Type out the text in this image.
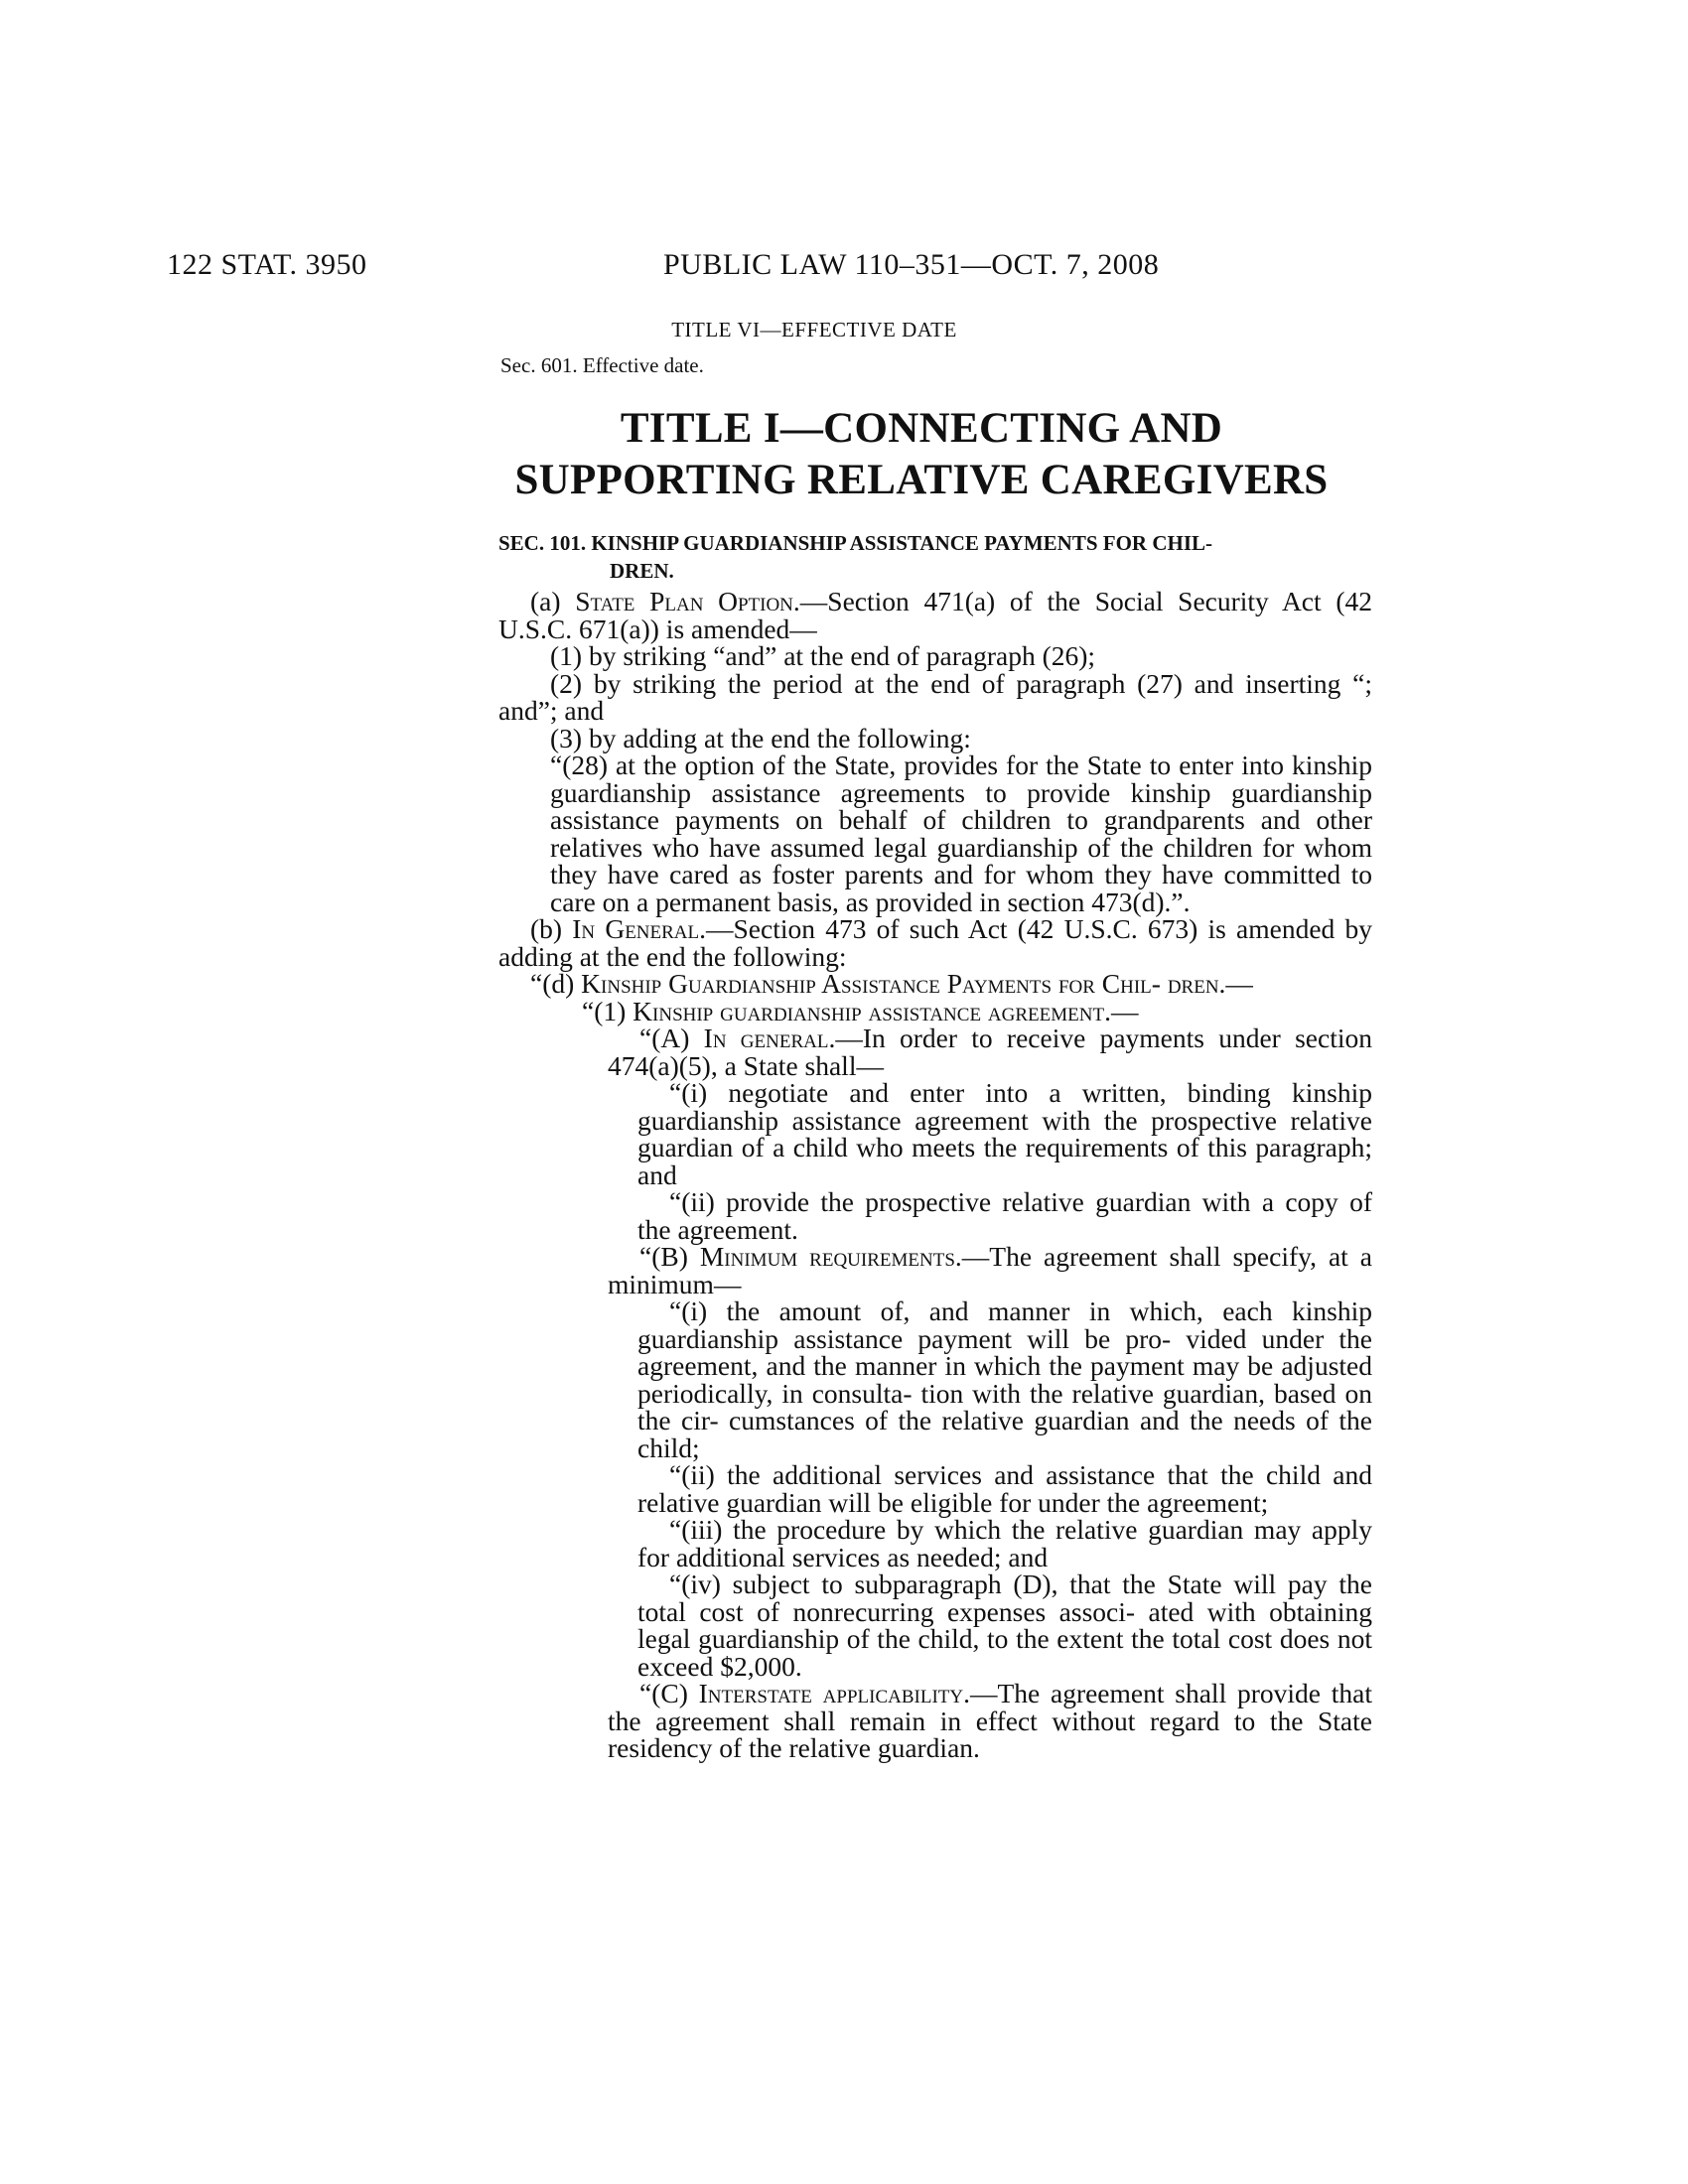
122 STAT. 3950	PUBLIC LAW 110–351—OCT. 7, 2008
TITLE VI—EFFECTIVE DATE
Sec. 601. Effective date.
TITLE I—CONNECTING AND
SUPPORTING RELATIVE CAREGIVERS
SEC. 101. KINSHIP GUARDIANSHIP ASSISTANCE PAYMENTS FOR CHIL-
DREN.

(a) State Plan Option.—Section 471(a) of the Social Security Act (42 U.S.C. 671(a)) is amended—

(1) by striking “and” at the end of paragraph (26);

(2) by striking the period at the end of paragraph (27) and inserting “; and”; and

(3) by adding at the end the following:

“(28) at the option of the State, provides for the State to enter into kinship guardianship assistance agreements to provide kinship guardianship assistance payments on behalf of children to grandparents and other relatives who have assumed legal guardianship of the children for whom they have cared as foster parents and for whom they have committed to care on a permanent basis, as provided in section 473(d).”.

(b) In General.—Section 473 of such Act (42 U.S.C. 673) is amended by adding at the end the following:

“(d) Kinship Guardianship Assistance Payments for Chil- dren.—

“(1) Kinship guardianship assistance agreement.—

“(A) In general.—In order to receive payments under section 474(a)(5), a State shall—

“(i) negotiate and enter into a written, binding kinship guardianship assistance agreement with the prospective relative guardian of a child who meets the requirements of this paragraph; and

“(ii) provide the prospective relative guardian with a copy of the agreement.

“(B) Minimum requirements.—The agreement shall specify, at a minimum—

“(i) the amount of, and manner in which, each kinship guardianship assistance payment will be pro- vided under the agreement, and the manner in which the payment may be adjusted periodically, in consulta- tion with the relative guardian, based on the cir- cumstances of the relative guardian and the needs of the child;

“(ii) the additional services and assistance that the child and relative guardian will be eligible for under the agreement;

“(iii) the procedure by which the relative guardian may apply for additional services as needed; and

“(iv) subject to subparagraph (D), that the State will pay the total cost of nonrecurring expenses associ- ated with obtaining legal guardianship of the child, to the extent the total cost does not exceed $2,000.

“(C) Interstate applicability.—The agreement shall provide that the agreement shall remain in effect without regard to the State residency of the relative guardian.
